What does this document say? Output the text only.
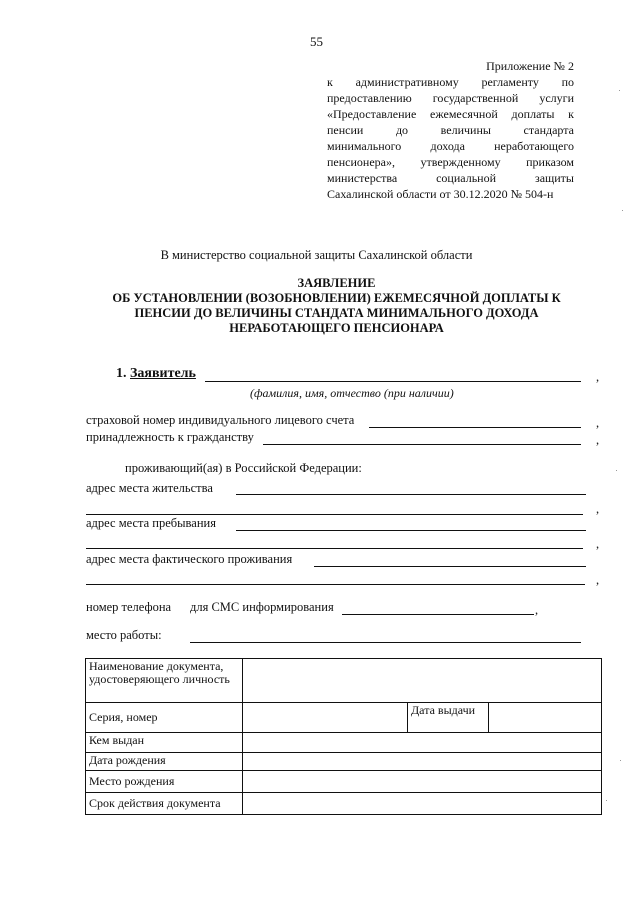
55
Приложение № 2
к административному регламенту по
предоставлению государственной услуги
«Предоставление ежемесячной доплаты к
пенсии до величины стандарта
минимального дохода неработающего
пенсионера», утвержденному приказом
министерства социальной защиты
Сахалинской области от 30.12.2020 № 504-н
В министерство социальной защиты Сахалинской области
ЗАЯВЛЕНИЕ
ОБ УСТАНОВЛЕНИИ (ВОЗОБНОВЛЕНИИ) ЕЖЕМЕСЯЧНОЙ ДОПЛАТЫ К
ПЕНСИИ ДО ВЕЛИЧИНЫ СТАНДАТА МИНИМАЛЬНОГО ДОХОДА
НЕРАБОТАЮЩЕГО ПЕНСИОНАРА
1. Заявитель	,
(фамилия, имя, отчество (при наличии)
страховой номер индивидуального лицевого счета	,
принадлежность к гражданству	,
проживающий(ая) в Российской Федерации:
адрес места жительства
,
адрес места пребывания
,
адрес места фактического проживания
,
номер телефона для СМС информирования	,
место работы:
Наименование документа, удостоверяющего личность			
Серия, номер		Дата выдачи	
Кем выдан			
Дата рождения			
Место рождения			
Срок действия документа			
